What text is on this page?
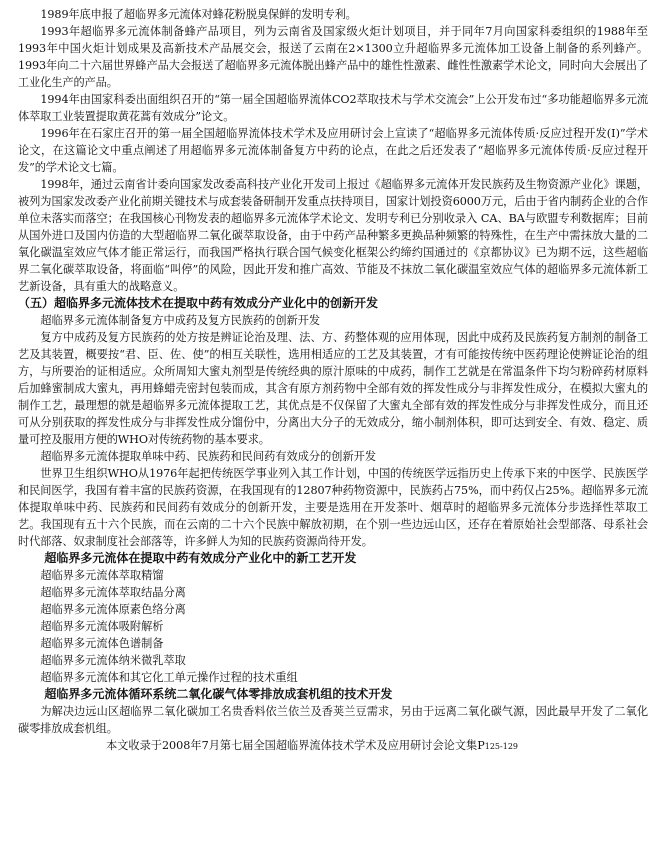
1989年底申报了超临界多元流体对蜂花粉脱臭保鲜的发明专利。

1993年超临界多元流体制备蜂产品项目，列为云南省及国家级火炬计划项目，并于同年7月向国家科委组织的1988年至1993年中国火炬计划成果及高新技术产品展交会，报送了云南在2×1300立升超临界多元流体加工设备上制备的系列蜂产。1993年向二十六届世界蜂产品大会报送了超临界多元流体脱出蜂产品中的雄性性激素、雌性性激素学术论文，同时向大会展出了工业化生产的产品。

1994年由国家科委出面组织召开的“第一届全国超临界流体CO2萃取技术与学术交流会”上公开发布过“多功能超临界多元流体萃取工业装置提取黄花蒿有效成分”论文。

1996年在石家庄召开的第一届全国超临界流体技术学术及应用研讨会上宣读了“超临界多元流体传质·反应过程开发(Ⅰ)”学术论文，在这篇论文中重点阐述了用超临界多元流体制备复方中药的论点，在此之后还发表了“超临界多元流体传质·反应过程开发”的学术论文七篇。

1998年，通过云南省计委向国家发改委高科技产业化开发司上报过《超临界多元流体开发民族药及生物资源产业化》课题，被列为国家发改委产业化前期关键技术与成套装备研制开发重点扶持项目，国家计划投资6000万元，后由于省内制药企业的合作单位未落实而落空；在我国核心刊物发表的超临界多元流体学术论文、发明专利已分别收录入 CA、BA与欧盟专利数据库；目前从国外进口及国内仿造的大型超临界二氧化碳萃取设备，由于中药产品种繁多更换品种频繁的特殊性，在生产中需抹放大量的二氧化碳温室效应气体才能正常运行，而我国严格执行联合国气候变化框架公约缔约国通过的《京都协议》已为期不远，这些超临界二氧化碳萃取设备，将面临“叫停”的风险，因此开发和推广高效、节能及不抹放二氧化碳温室效应气体的超临界多元流体新工艺新设备，具有重大的战略意义。

（五）超临界多元流体技术在提取中药有效成分产业化中的创新开发

超临界多元流体制备复方中成药及复方民族药的创新开发

复方中成药及复方民族药的处方按是辨证论治及理、法、方、药整体观的应用体现，因此中成药及民族药复方制剂的制备工艺及其装置，概要按“君、臣、佐、使”的相互关联性，选用相适应的工艺及其装置，才有可能按传统中医药理论使辨证论治的组方，与所要治的证相适应。众所周知大蜜丸剂型是传统经典的原汁原味的中成药，制作工艺就是在常温条件下均匀粉碎药材原料后加蜂蜜制成大蜜丸，再用蜂蜡壳密封包装而成，其含有原方剂药物中全部有效的挥发性成分与非挥发性成分，在模拟大蜜丸的制作工艺，最理想的就是超临界多元流体提取工艺，其优点是不仅保留了大蜜丸全部有效的挥发性成分与非挥发性成分，而且还可从分别获取的挥发性成分与非挥发性成分馏份中，分离出大分子的无效成分，缩小制剂体积，即可达到安全、有效、稳定、质量可控及服用方便的WHO对传统药物的基本要求。

超临界多元流体提取单味中药、民族药和民间药有效成分的创新开发

世界卫生组织WHO从1976年起把传统医学事业列入其工作计划，中国的传统医学远指历史上传承下来的中医学、民族医学和民间医学，我国有着丰富的民族药资源，在我国现有的12807种药物资源中，民族药占75%，而中药仅占25%。超临界多元流体提取单味中药、民族药和民间药有效成分的创新开发，主要是选用在开发茶叶、烟草时的超临界多元流体分步选择性萃取工艺。我国现有五十六个民族，而在云南的二十六个民族中解放初期，在个别一些边远山区，还存在着原始社会型部落、母系社会时代部落、奴隶制度社会部落等，许多鲜人为知的民族药资源尚待开发。

超临界多元流体在提取中药有效成分产业化中的新工艺开发

超临界多元流体萃取精馏

超临界多元流体萃取结晶分离

超临界多元流体原素色络分离

超临界多元流体吸附解析

超临界多元流体色谱制备

超临界多元流体纳米微乳萃取

超临界多元流体和其它化工单元操作过程的技术重组

超临界多元流体循环系统二氧化碳气体零排放成套机组的技术开发

为解决边远山区超临界二氧化碳加工名贵香料依兰依兰及香荚兰豆需求，另由于远离二氧化碳气源，因此最早开发了二氧化碳零排放成套机组。

本文收录于2008年7月第七届全国超临界流体技术学术及应用研讨会论文集P125-129
